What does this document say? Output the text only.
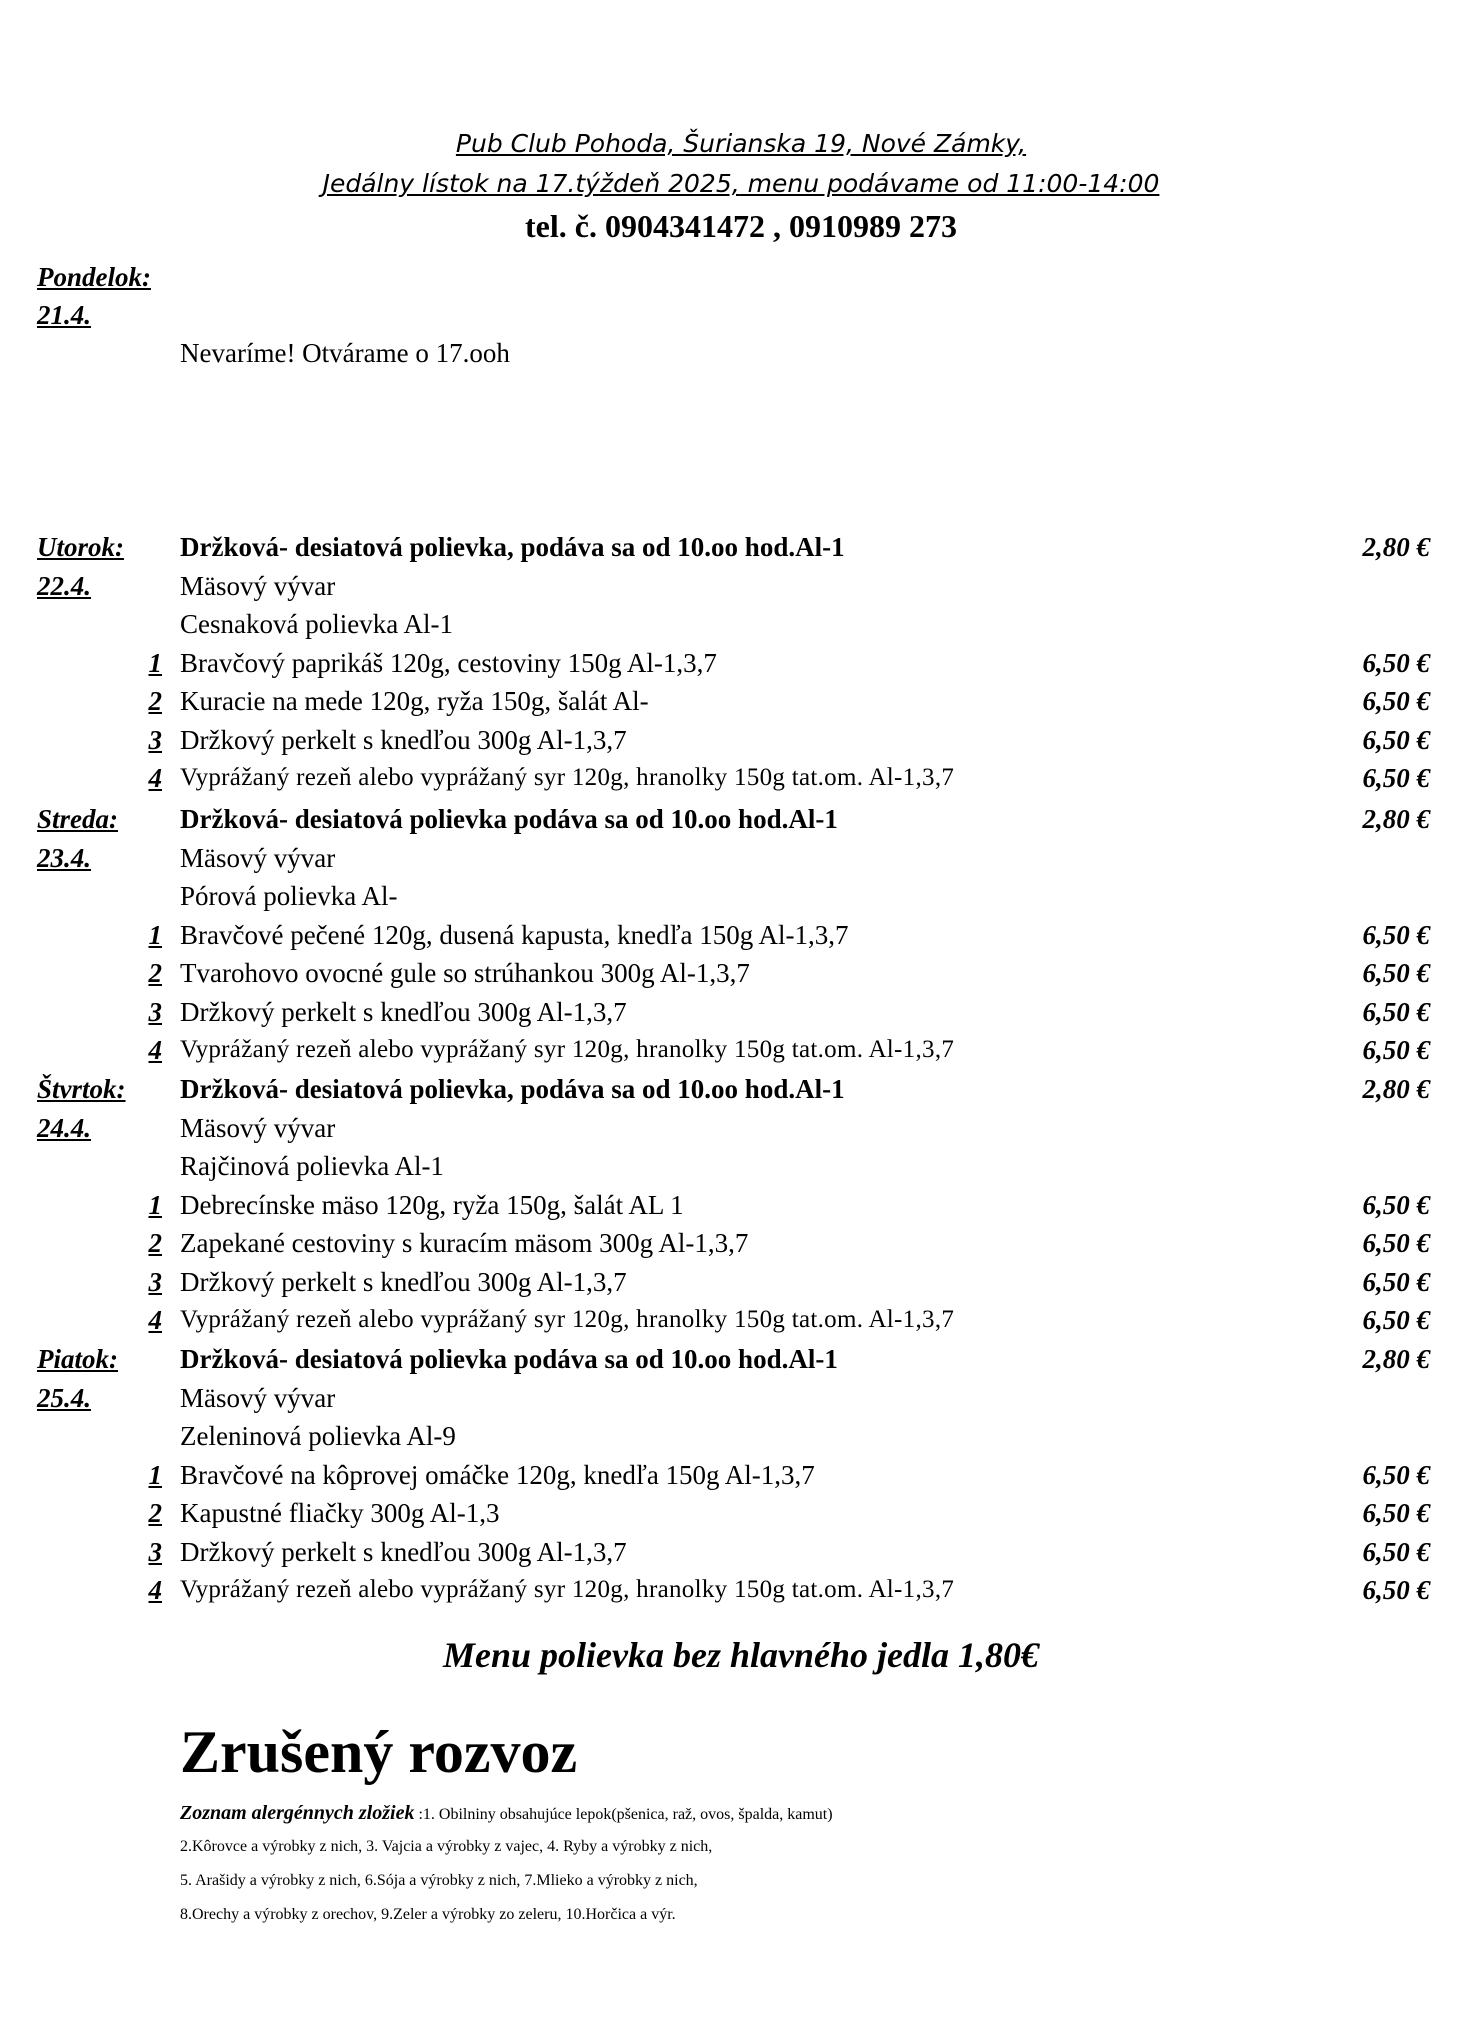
Pub Club Pohoda, Šurianska 19, Nové Zámky,
Jedálny lístok na 17.týždeň 2025, menu podávame od 11:00-14:00
tel. č. 0904341472 , 0910989 273
Pondelok:
21.4.
Nevaríme! Otvárame o 17.ooh
Utorok: Držková- desiatová polievka, podáva sa od 10.oo hod.Al-1	2,80 €
22.4.	Mäsový vývar
Cesnaková polievka Al-1
1 Bravčový paprikáš 120g, cestoviny 150g Al-1,3,7	6,50 €
2 Kuracie na mede 120g, ryža 150g, šalát Al-	6,50 €
3 Držkový perkelt s knedľou 300g Al-1,3,7	6,50 €
4 Vyprážaný rezeň alebo vyprážaný syr 120g, hranolky 150g tat.om. Al-1,3,7	6,50 €
Streda: Držková- desiatová polievka podáva sa od 10.oo hod.Al-1	2,80 €
23.4.	Mäsový vývar
Pórová polievka Al-
1 Bravčové pečené 120g, dusená kapusta, knedľa 150g Al-1,3,7	6,50 €
2 Tvarohovo ovocné gule so strúhankou 300g Al-1,3,7	6,50 €
3 Držkový perkelt s knedľou 300g Al-1,3,7	6,50 €
4 Vyprážaný rezeň alebo vyprážaný syr 120g, hranolky 150g tat.om. Al-1,3,7	6,50 €
Štvrtok: Držková- desiatová polievka, podáva sa od 10.oo hod.Al-1	2,80 €
24.4.	Mäsový vývar
Rajčinová polievka Al-1
1 Debrecínske mäso 120g, ryža 150g, šalát AL 1	6,50 €
2 Zapekané cestoviny s kuracím mäsom 300g Al-1,3,7	6,50 €
3 Držkový perkelt s knedľou 300g Al-1,3,7	6,50 €
4 Vyprážaný rezeň alebo vyprážaný syr 120g, hranolky 150g tat.om. Al-1,3,7	6,50 €
Piatok: Držková- desiatová polievka podáva sa od 10.oo hod.Al-1	2,80 €
25.4.	Mäsový vývar
Zeleninová polievka Al-9
1 Bravčové na kôprovej omáčke 120g, knedľa 150g Al-1,3,7	6,50 €
2 Kapustné fliačky 300g Al-1,3	6,50 €
3 Držkový perkelt s knedľou 300g Al-1,3,7	6,50 €
4 Vyprážaný rezeň alebo vyprážaný syr 120g, hranolky 150g tat.om. Al-1,3,7	6,50 €
Menu polievka bez hlavného jedla 1,80€
Zrušený rozvoz
Zoznam alergénnych zložiek :1. Obilniny obsahujúce lepok(pšenica, raž, ovos, špalda, kamut)
2.Kôrovce a výrobky z nich, 3. Vajcia a výrobky z vajec, 4. Ryby a výrobky z nich,
5. Arašidy a výrobky z nich, 6.Sója a výrobky z nich, 7.Mlieko a výrobky z nich,
8.Orechy a výrobky z orechov, 9.Zeler a výrobky zo zeleru, 10.Horčica a výr.
